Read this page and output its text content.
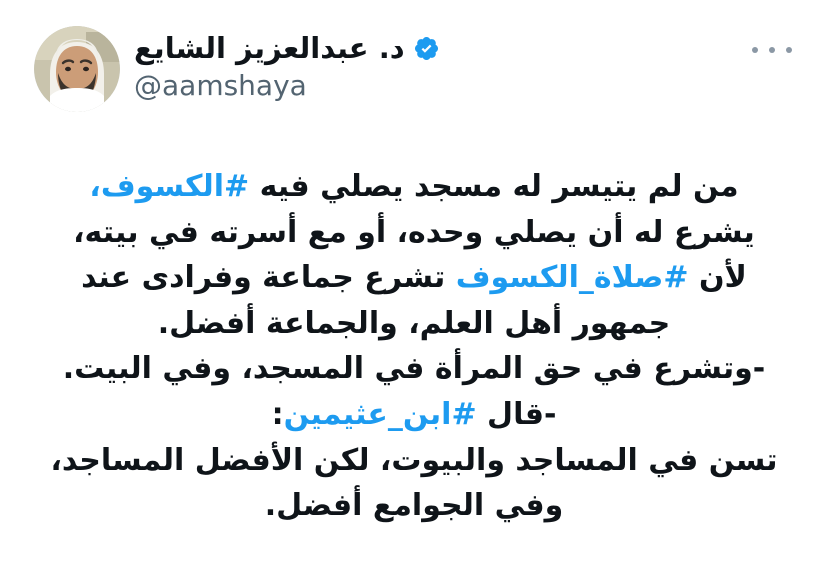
د. عبدالعزيز الشايع
@aamshaya
من لم يتيسر له مسجد يصلي فيه #الكسوف،
يشرع له أن يصلي وحده، أو مع أسرته في بيته،
لأن #صلاة_الكسوف تشرع جماعة وفرادى عند
جمهور أهل العلم، والجماعة أفضل.
-وتشرع في حق المرأة في المسجد، وفي البيت.
-قال #ابن_عثيمين:
تسن في المساجد والبيوت، لكن الأفضل المساجد،
وفي الجوامع أفضل.
